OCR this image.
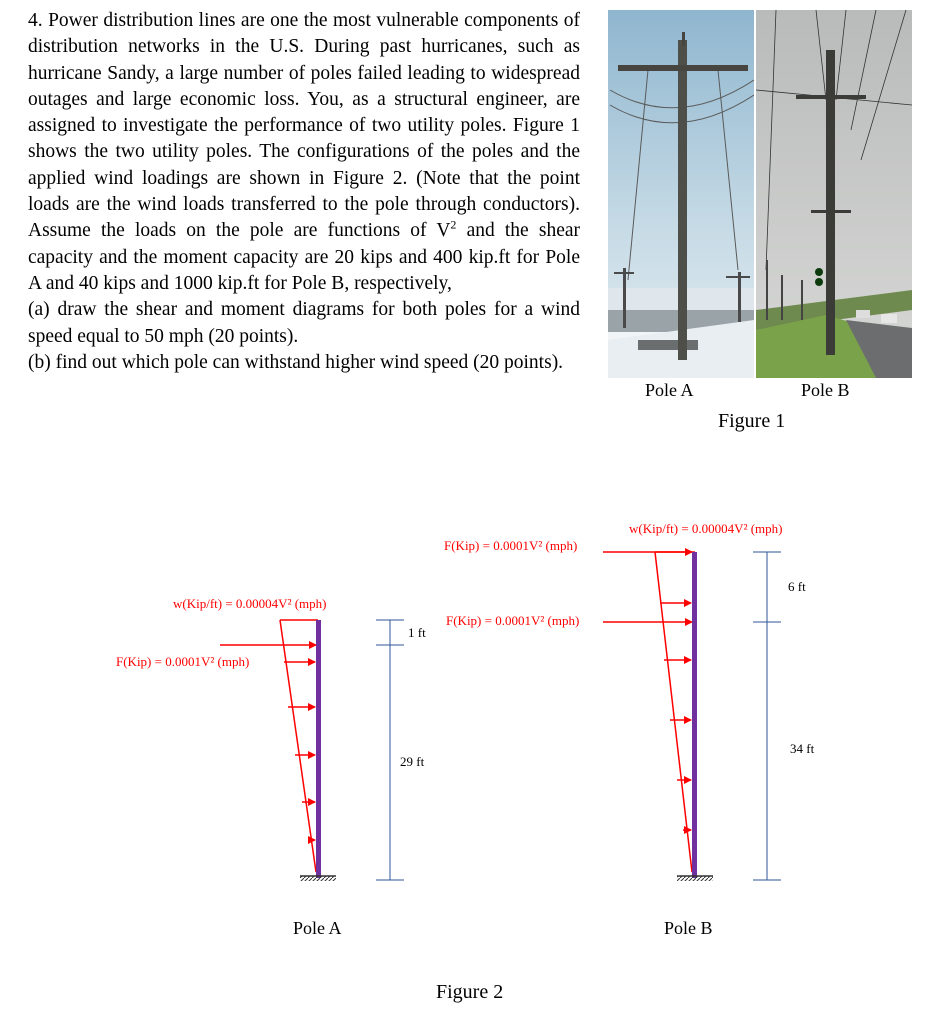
4. Power distribution lines are one the most vulnerable components of distribution networks in the U.S. During past hurricanes, such as hurricane Sandy, a large number of poles failed leading to widespread outages and large economic loss. You, as a structural engineer, are assigned to investigate the performance of two utility poles. Figure 1 shows the two utility poles. The configurations of the poles and the applied wind loadings are shown in Figure 2. (Note that the point loads are the wind loads transferred to the pole through conductors). Assume the loads on the pole are functions of $V^2$ and the shear capacity and the moment capacity are 20 kips and 400 kip.ft for Pole A and 40 kips and 1000 kip.ft for Pole B, respectively,

(a) draw the shear and moment diagrams for both poles for a wind speed equal to 50 mph (20 points).

(b) find out which pole can withstand higher wind speed (20 points).

Pole A	Pole B
Figure 1
w(Kip/ft) = 0.00004V² (mph)
F(Kip) = 0.0001V² (mph)
1 ft
29 ft
Pole A
w(Kip/ft) = 0.00004V² (mph)
F(Kip) = 0.0001V² (mph)
F(Kip) = 0.0001V² (mph)
6 ft
34 ft
Pole B
Figure 2
